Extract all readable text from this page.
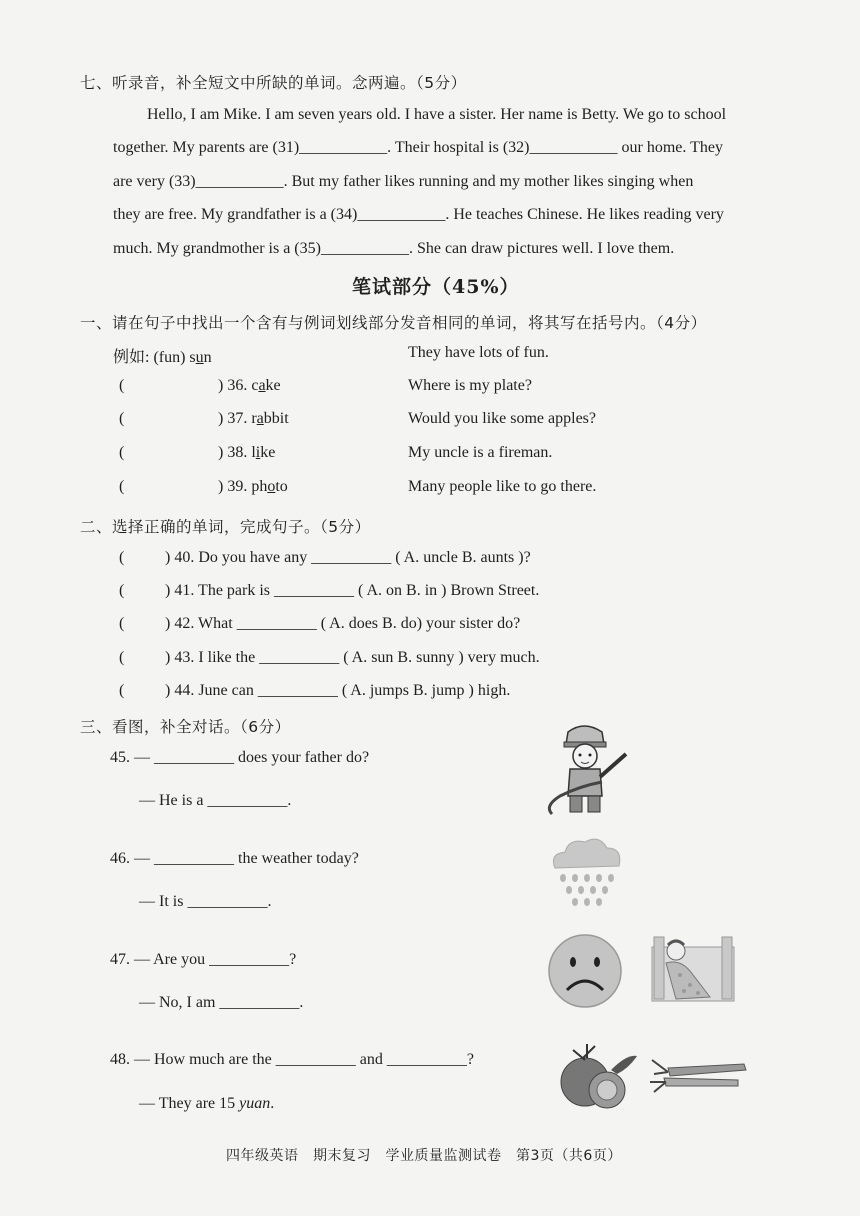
七、听录音，补全短文中所缺的单词。念两遍。（5分）

Hello, I am Mike. I am seven years old. I have a sister. Her name is Betty. We go to school

together. My parents are (31)___________. Their hospital is (32)___________ our home. They

are very (33)___________. But my father likes running and my mother likes singing when

they are free. My grandfather is a (34)___________. He teaches Chinese. He likes reading very

much. My grandmother is a (35)___________. She can draw pictures well. I love them.

笔试部分（45%）
一、请在句子中找出一个含有与例词划线部分发音相同的单词，将其写在括号内。（4分）
例如: (fun) sun	They have lots of fun.
(	) 36. cake	Where is my plate?
(	) 37. rabbit	Would you like some apples?
(	) 38. like	My uncle is a fireman.
(	) 39. photo	Many people like to go there.
二、选择正确的单词，完成句子。（5分）
(	) 40. Do you have any __________ ( A. uncle B. aunts )?
(	) 41. The park is __________ ( A. on B. in ) Brown Street.
(	) 42. What __________ ( A. does B. do) your sister do?
(	) 43. I like the __________ ( A. sun B. sunny ) very much.
(	) 44. June can __________ ( A. jumps B. jump ) high.
三、看图，补全对话。（6分）
45. — __________ does your father do?
— He is a __________.
46. — __________ the weather today?
— It is __________.
47. — Are you __________?
— No, I am __________.
48. — How much are the __________ and __________?
— They are 15 yuan.
四年级英语　期末复习　学业质量监测试卷　第3页（共6页）
